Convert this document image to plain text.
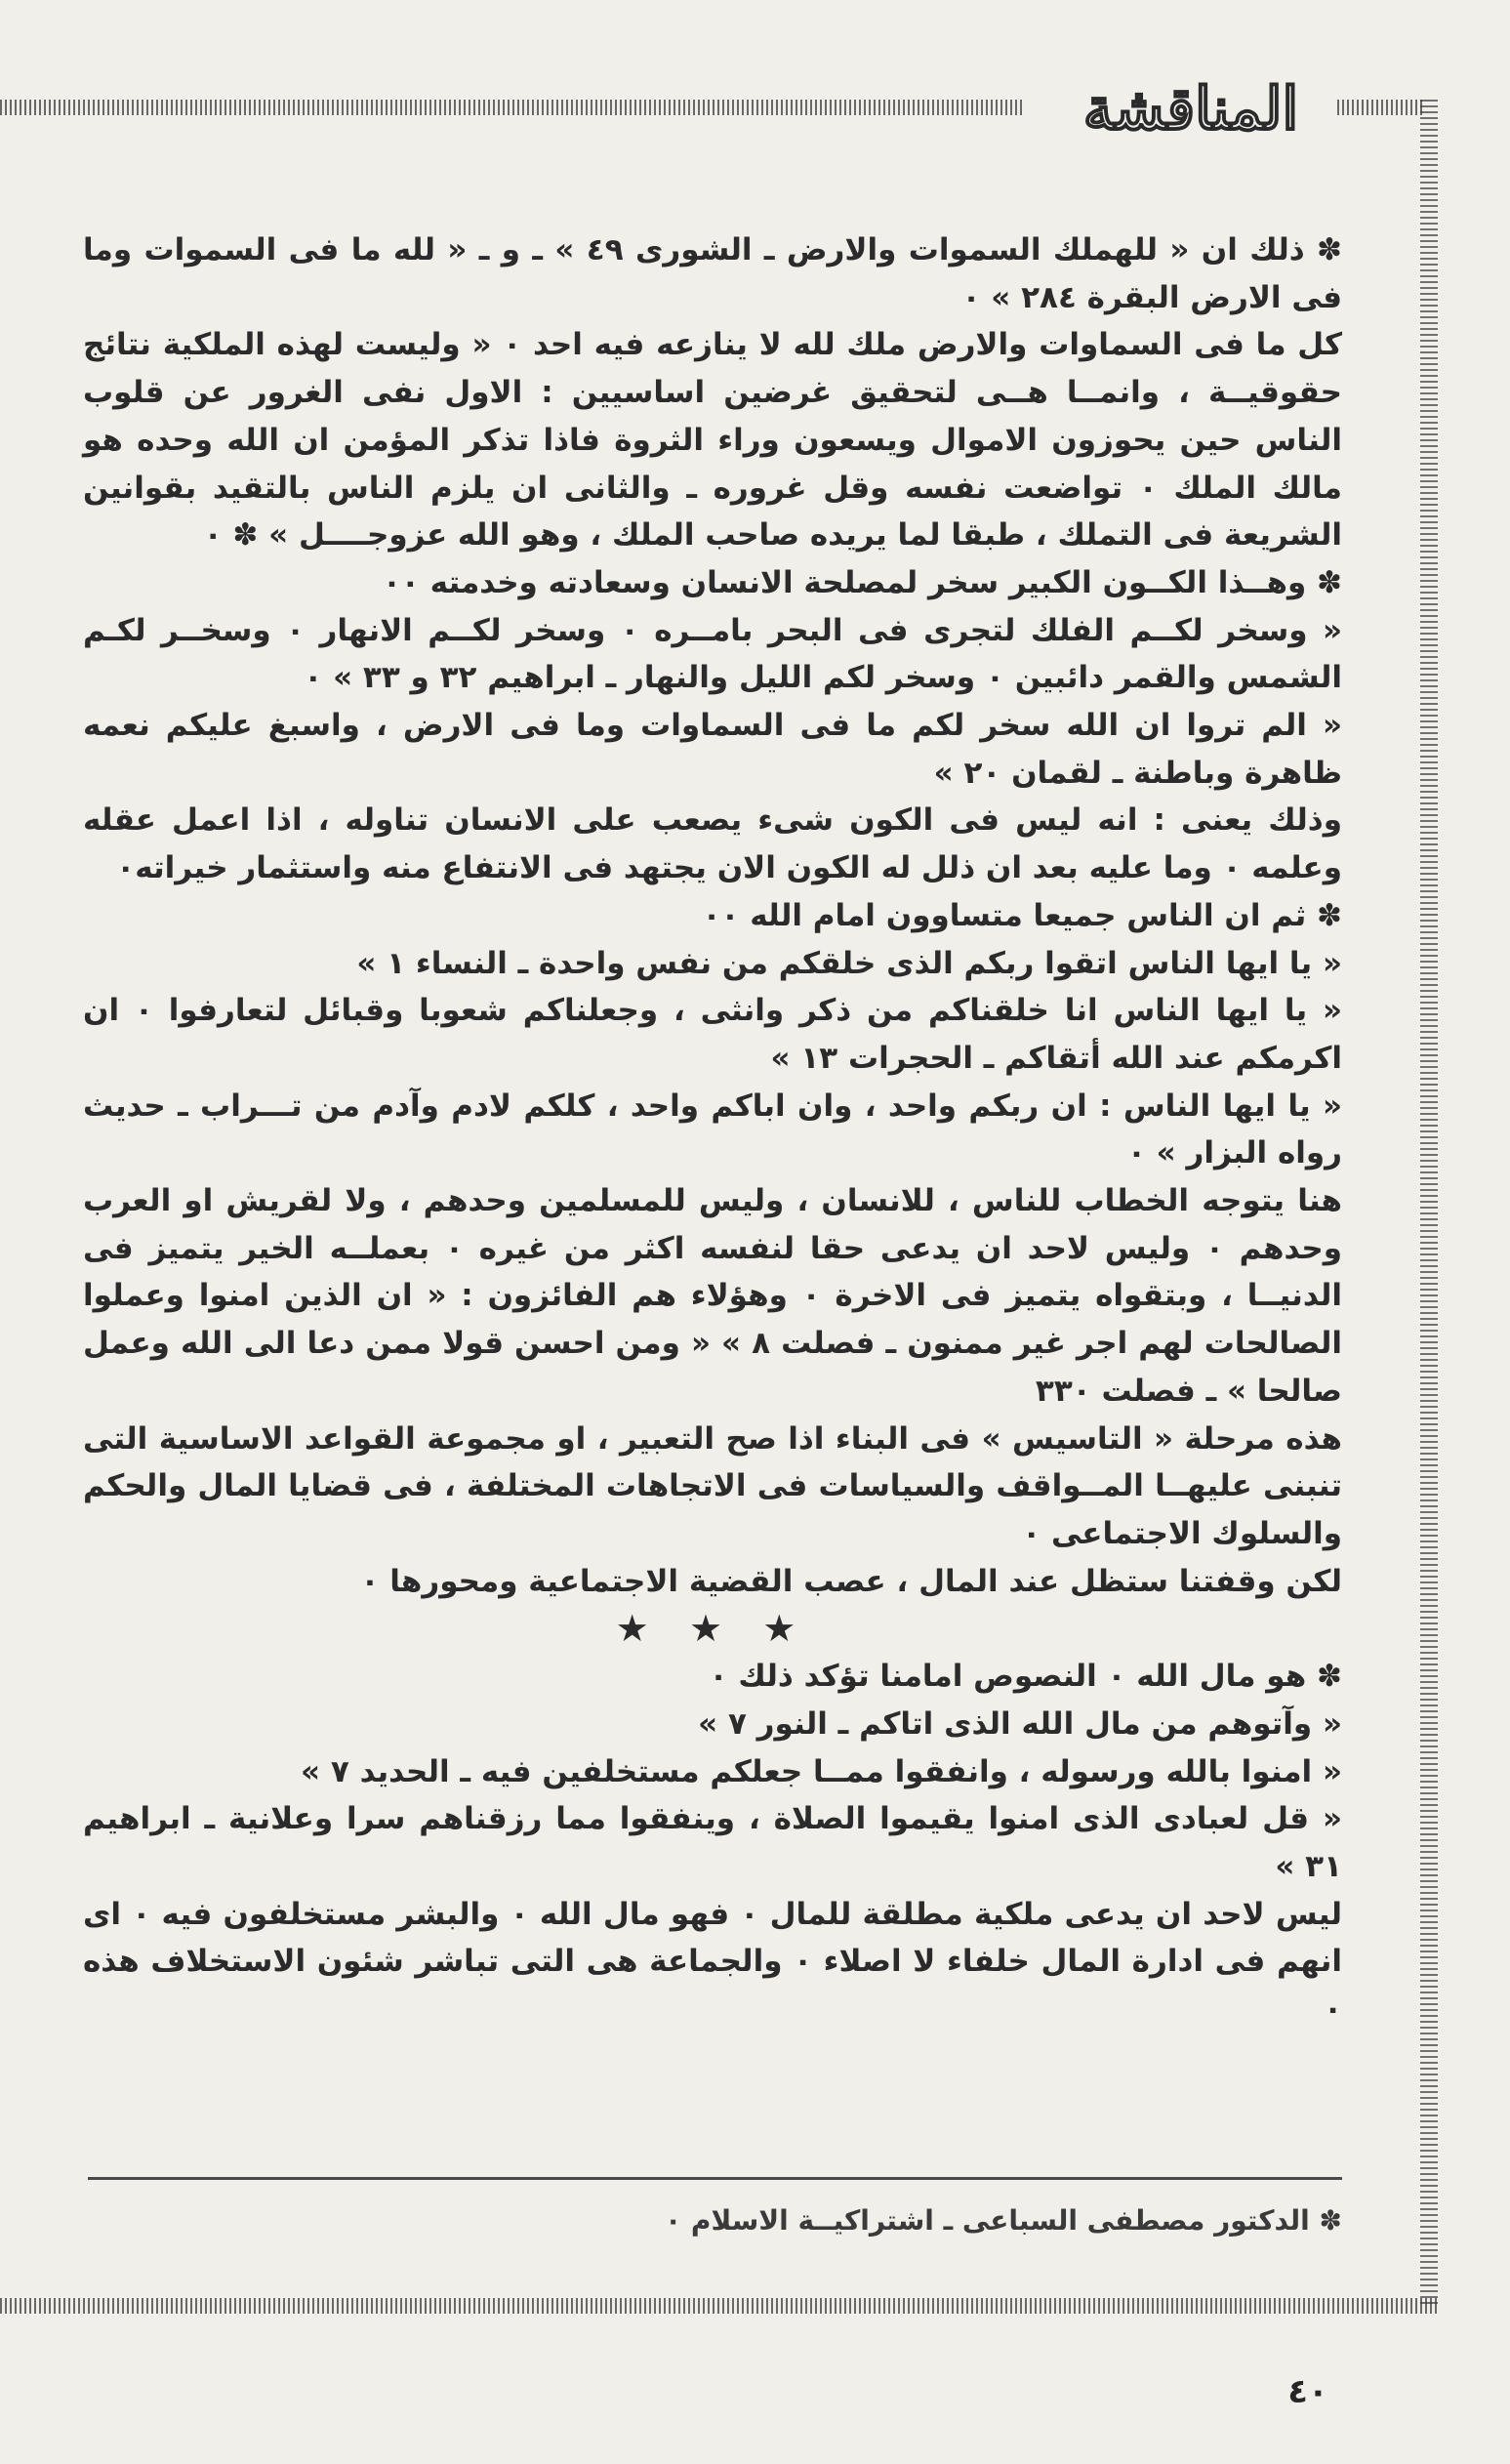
المناقشة

✽ ذلك ان « للهملك السموات والارض ـ الشورى ٤٩ » ـ و ـ « لله ما فى السموات وما فى الارض البقرة ٢٨٤ » ٠

كل ما فى السماوات والارض ملك لله لا ينازعه فيه احد ٠ « وليست لهذه الملكية نتائج حقوقيــة ، وانمــا هــى لتحقيق غرضين اساسيين : الاول نفى الغرور عن قلوب الناس حين يحوزون الاموال ويسعون وراء الثروة فاذا تذكر المؤمن ان الله وحده هو مالك الملك ٠ تواضعت نفسه وقل غروره ـ والثانى ان يلزم الناس بالتقيد بقوانين الشريعة فى التملك ، طبقا لما يريده صاحب الملك ، وهو الله عزوجــــل » ✽ ٠

✽ وهــذا الكــون الكبير سخر لمصلحة الانسان وسعادته وخدمته ٠٠

« وسخر لكــم الفلك لتجرى فى البحر بامــره ٠ وسخر لكــم الانهار ٠ وسخــر لكـم الشمس والقمر دائبين ٠ وسخر لكم الليل والنهار ـ ابراهيم ٣٢ و ٣٣ » ٠

« الم تروا ان الله سخر لكم ما فى السماوات وما فى الارض ، واسبغ عليكم نعمه ظاهرة وباطنة ـ لقمان ٢٠ »

وذلك يعنى : انه ليس فى الكون شىء يصعب على الانسان تناوله ، اذا اعمل عقله وعلمه ٠ وما عليه بعد ان ذلل له الكون الان يجتهد فى الانتفاع منه واستثمار خيراته٠

✽ ثم ان الناس جميعا متساوون امام الله ٠٠

« يا ايها الناس اتقوا ربكم الذى خلقكم من نفس واحدة ـ النساء ١ »

« يا ايها الناس انا خلقناكم من ذكر وانثى ، وجعلناكم شعوبا وقبائل لتعارفوا ٠ ان اكرمكم عند الله أتقاكم ـ الحجرات ١٣ »

« يا ايها الناس : ان ربكم واحد ، وان اباكم واحد ، كلكم لادم وآدم من تـــراب ـ حديث رواه البزار » ٠

هنا يتوجه الخطاب للناس ، للانسان ، وليس للمسلمين وحدهم ، ولا لقريش او العرب وحدهم ٠ وليس لاحد ان يدعى حقا لنفسه اكثر من غيره ٠ بعملــه الخير يتميز فى الدنيــا ، وبتقواه يتميز فى الاخرة ٠ وهؤلاء هم الفائزون : « ان الذين امنوا وعملوا الصالحات لهم اجر غير ممنون ـ فصلت ٨ » « ومن احسن قولا ممن دعا الى الله وعمل صالحا » ـ فصلت ٣٣٠

هذه مرحلة « التاسيس » فى البناء اذا صح التعبير ، او مجموعة القواعد الاساسية التى تنبنى عليهــا المــواقف والسياسات فى الاتجاهات المختلفة ، فى قضايا المال والحكم والسلوك الاجتماعى ٠

لكن وقفتنا ستظل عند المال ، عصب القضية الاجتماعية ومحورها ٠

★ ★ ★

✽ هو مال الله ٠ النصوص امامنا تؤكد ذلك ٠

« وآتوهم من مال الله الذى اتاكم ـ النور ٧ »

« امنوا بالله ورسوله ، وانفقوا ممــا جعلكم مستخلفين فيه ـ الحديد ٧ »

« قل لعبادى الذى امنوا يقيموا الصلاة ، وينفقوا مما رزقناهم سرا وعلانية ـ ابراهيم ٣١ »

ليس لاحد ان يدعى ملكية مطلقة للمال ٠ فهو مال الله ٠ والبشر مستخلفون فيه ٠ اى انهم فى ادارة المال خلفاء لا اصلاء ٠ والجماعة هى التى تباشر شئون الاستخلاف هذه ٠

✽ الدكتور مصطفى السباعى ـ اشتراكيــة الاسلام ٠
٤٠
